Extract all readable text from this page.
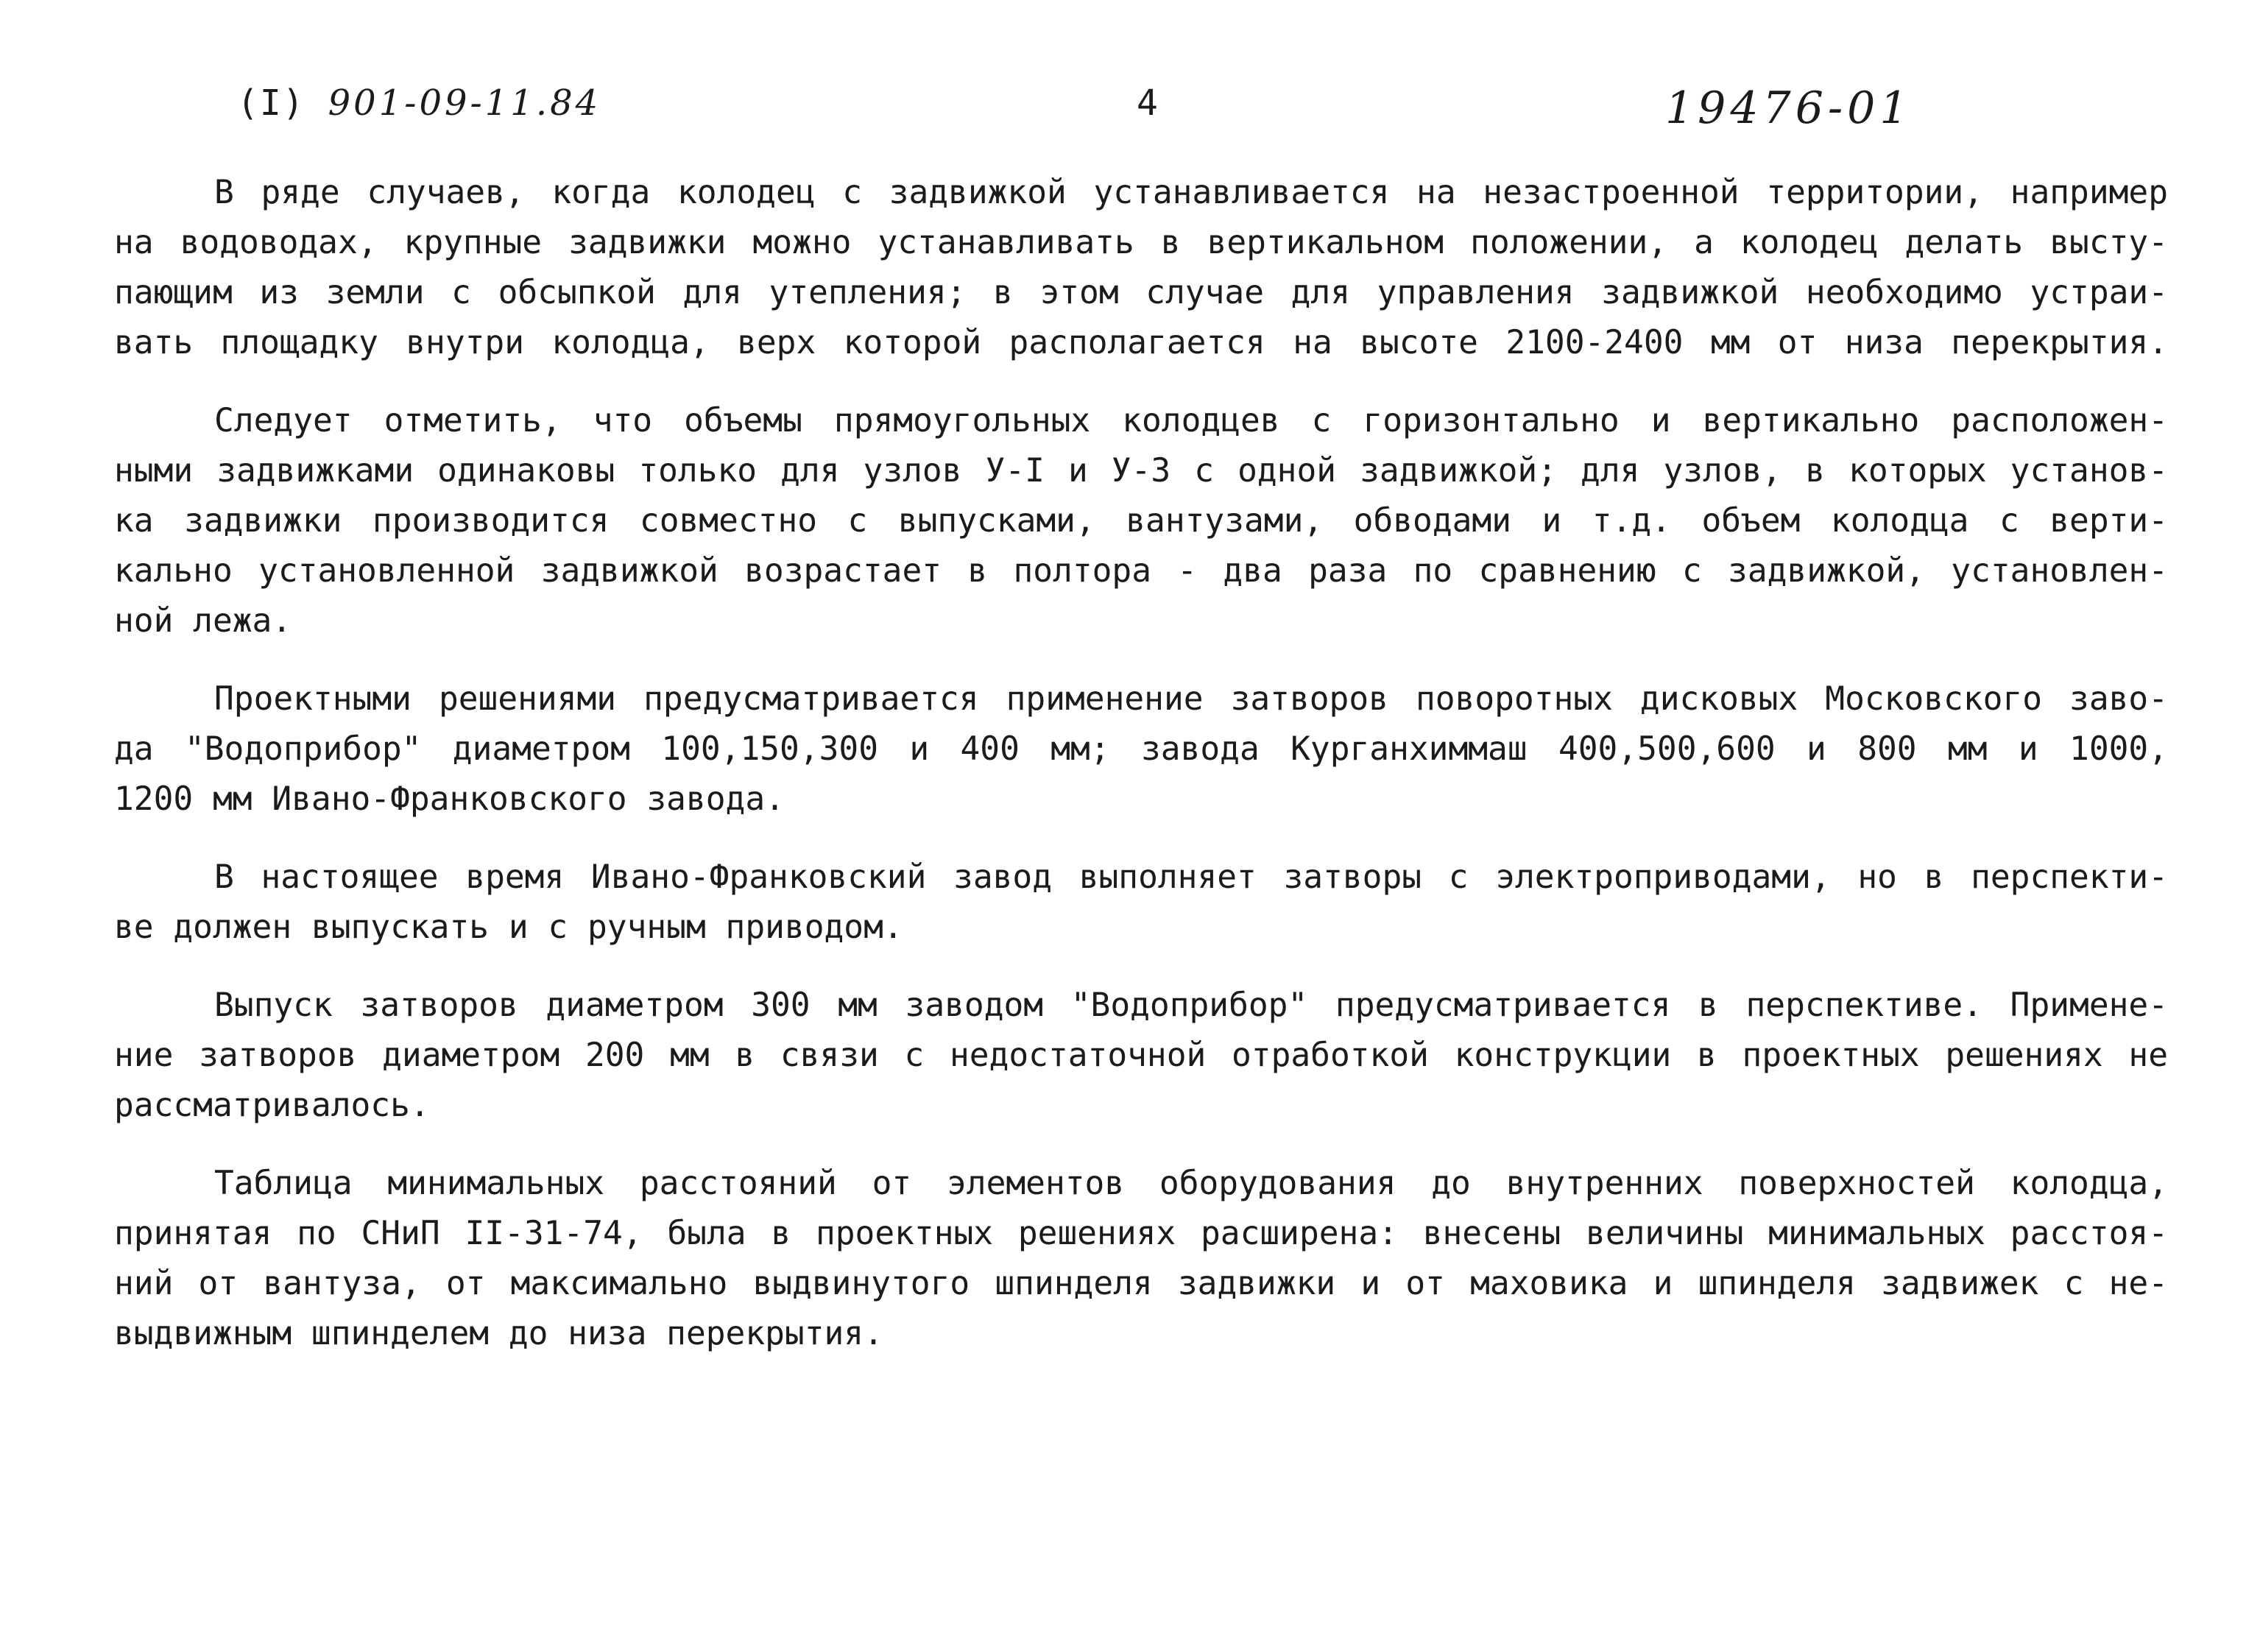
(I) 901-09-11.84	4	19476-01
В ряде случаев, когда колодец с задвижкой устанавливается на незастроенной территории, например
на водоводах, крупные задвижки можно устанавливать в вертикальном положении, а колодец делать высту-
пающим из земли с обсыпкой для утепления; в этом случае для управления задвижкой необходимо устраи-
вать площадку внутри колодца, верх которой располагается на высоте 2100-2400 мм от низа перекрытия.
Следует отметить, что объемы прямоугольных колодцев с горизонтально и вертикально расположен-
ными задвижками одинаковы только для узлов У-I и У-3 с одной задвижкой; для узлов, в которых установ-
ка задвижки производится совместно с выпусками, вантузами, обводами и т.д. объем колодца с верти-
кально установленной задвижкой возрастает в полтора - два раза по сравнению с задвижкой, установлен-
ной лежа.
Проектными решениями предусматривается применение затворов поворотных дисковых Московского заво-
да "Водоприбор" диаметром 100,150,300 и 400 мм; завода Курганхиммаш 400,500,600 и 800 мм и 1000,
1200 мм Ивано-Франковского завода.
В настоящее время Ивано-Франковский завод выполняет затворы с электроприводами, но в перспекти-
ве должен выпускать и с ручным приводом.
Выпуск затворов диаметром 300 мм заводом "Водоприбор" предусматривается в перспективе. Примене-
ние затворов диаметром 200 мм в связи с недостаточной отработкой конструкции в проектных решениях не
рассматривалось.
Таблица минимальных расстояний от элементов оборудования до внутренних поверхностей колодца,
принятая по СНиП II-31-74, была в проектных решениях расширена: внесены величины минимальных расстоя-
ний от вантуза, от максимально выдвинутого шпинделя задвижки и от маховика и шпинделя задвижек с не-
выдвижным шпинделем до низа перекрытия.
